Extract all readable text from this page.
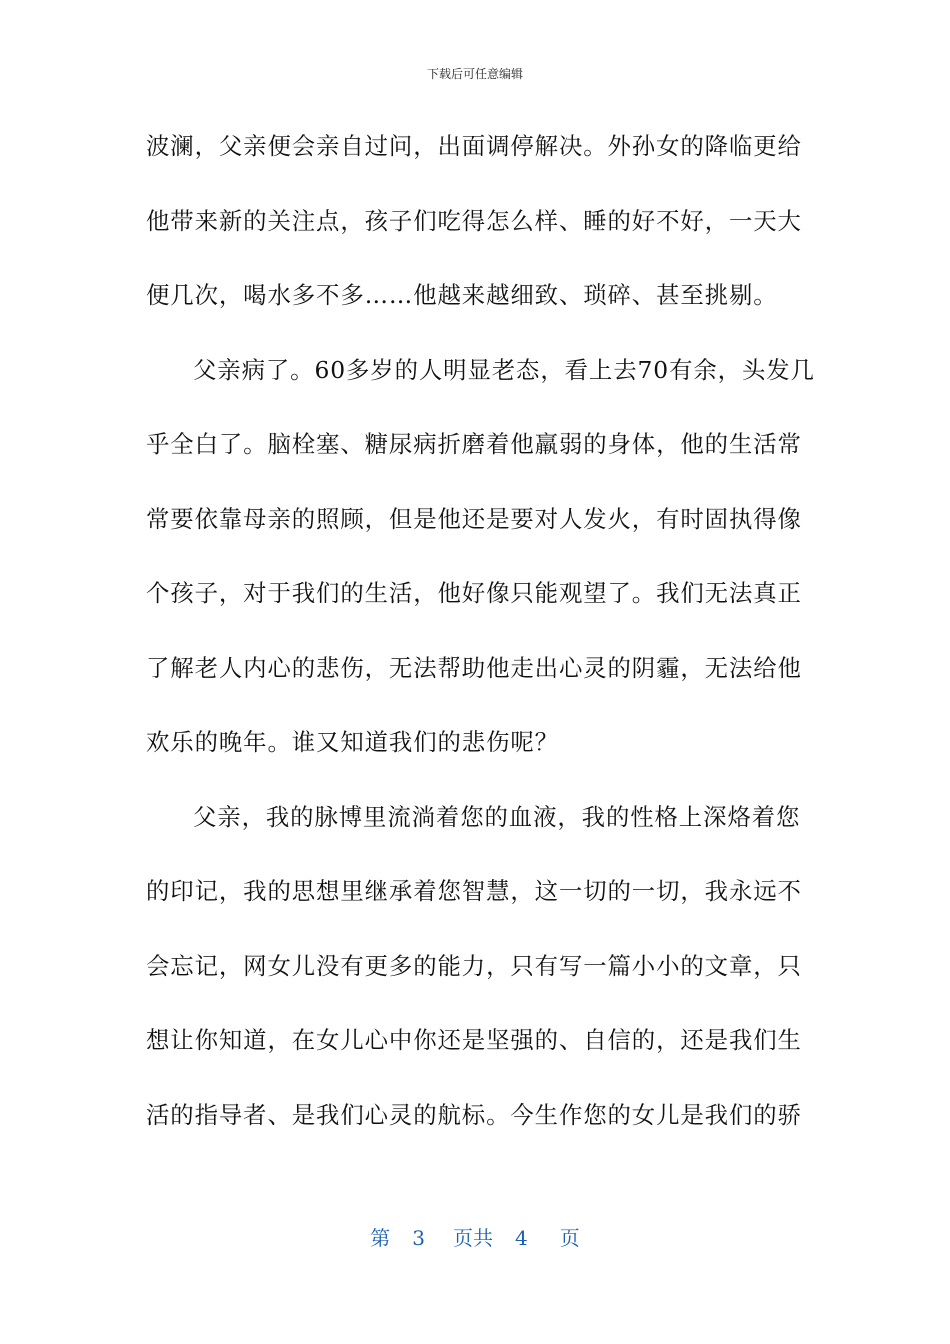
下载后可任意编辑
波澜，父亲便会亲自过问，出面调停解决。外孙女的降临更给
他带来新的关注点，孩子们吃得怎么样、睡的好不好，一天大
便几次，喝水多不多……他越来越细致、琐碎、甚至挑剔。
父亲病了。60多岁的人明显老态，看上去70有余，头发几
乎全白了。脑栓塞、糖尿病折磨着他羸弱的身体，他的生活常
常要依靠母亲的照顾，但是他还是要对人发火，有时固执得像
个孩子，对于我们的生活，他好像只能观望了。我们无法真正
了解老人内心的悲伤，无法帮助他走出心灵的阴霾，无法给他
欢乐的晚年。谁又知道我们的悲伤呢？
父亲，我的脉博里流淌着您的血液，我的性格上深烙着您
的印记，我的思想里继承着您智慧，这一切的一切，我永远不
会忘记，网女儿没有更多的能力，只有写一篇小小的文章，只
想让你知道，在女儿心中你还是坚强的、自信的，还是我们生
活的指导者、是我们心灵的航标。今生作您的女儿是我们的骄
第 3 页共 4 页
